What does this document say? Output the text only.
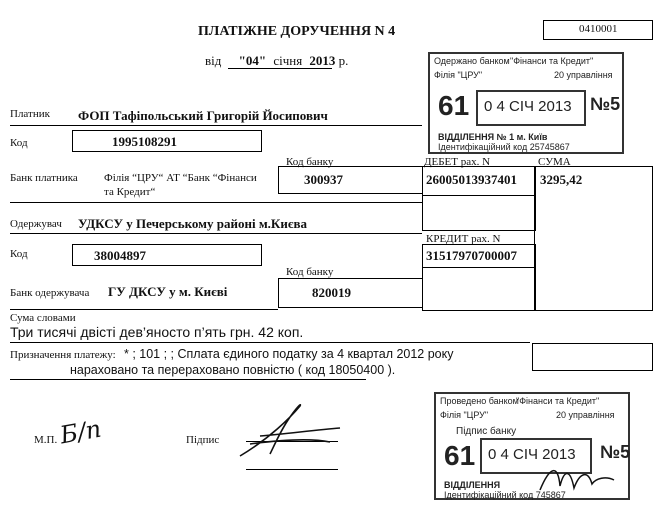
0410001
ПЛАТІЖНЕ ДОРУЧЕННЯ N 4
від "04" січня 2013 р.
Платник ФОП Тафіпольський Григорій Йосипович
Код	1995108291
Код банку
Банк платника Філія “ЦРУ“ АТ “Банк “Фінанси
та Кредит“
300937
ДЕБЕТ рах. N	СУМА
26005013937401 3295,42
Одержувач УДКСУ у Печерському районі м.Києва
Код	38004897
КРЕДИТ рах. N
31517970700007
Код банку
Банк одержувача ГУ ДКСУ у м. Києві	820019
Сума словами
Три тисячі двісті дев’яносто п’ять грн. 42 коп.
Призначення платежу: * ; 101 ; ; Сплата єдиного податку за 4 квартал 2012 року
нараховано та перераховано повністю ( код 18050400 ).
М.П. Б/п	Підпис
Одержано банком "Фінанси та Кредит"
Філія "ЦРУ"	20 управління
61 0 4 СІЧ 2013 №5
ВІДДІЛЕННЯ № 1 м. Київ
Ідентифікаційний код 25745867
Проведено банком
"Фінанси та Кредит"
Філія "ЦРУ"	20 управління
Підпис банку
61 0 4 СІЧ 2013 №5
ВІДДІЛЕННЯ
Ідентифікаційний код 745867
